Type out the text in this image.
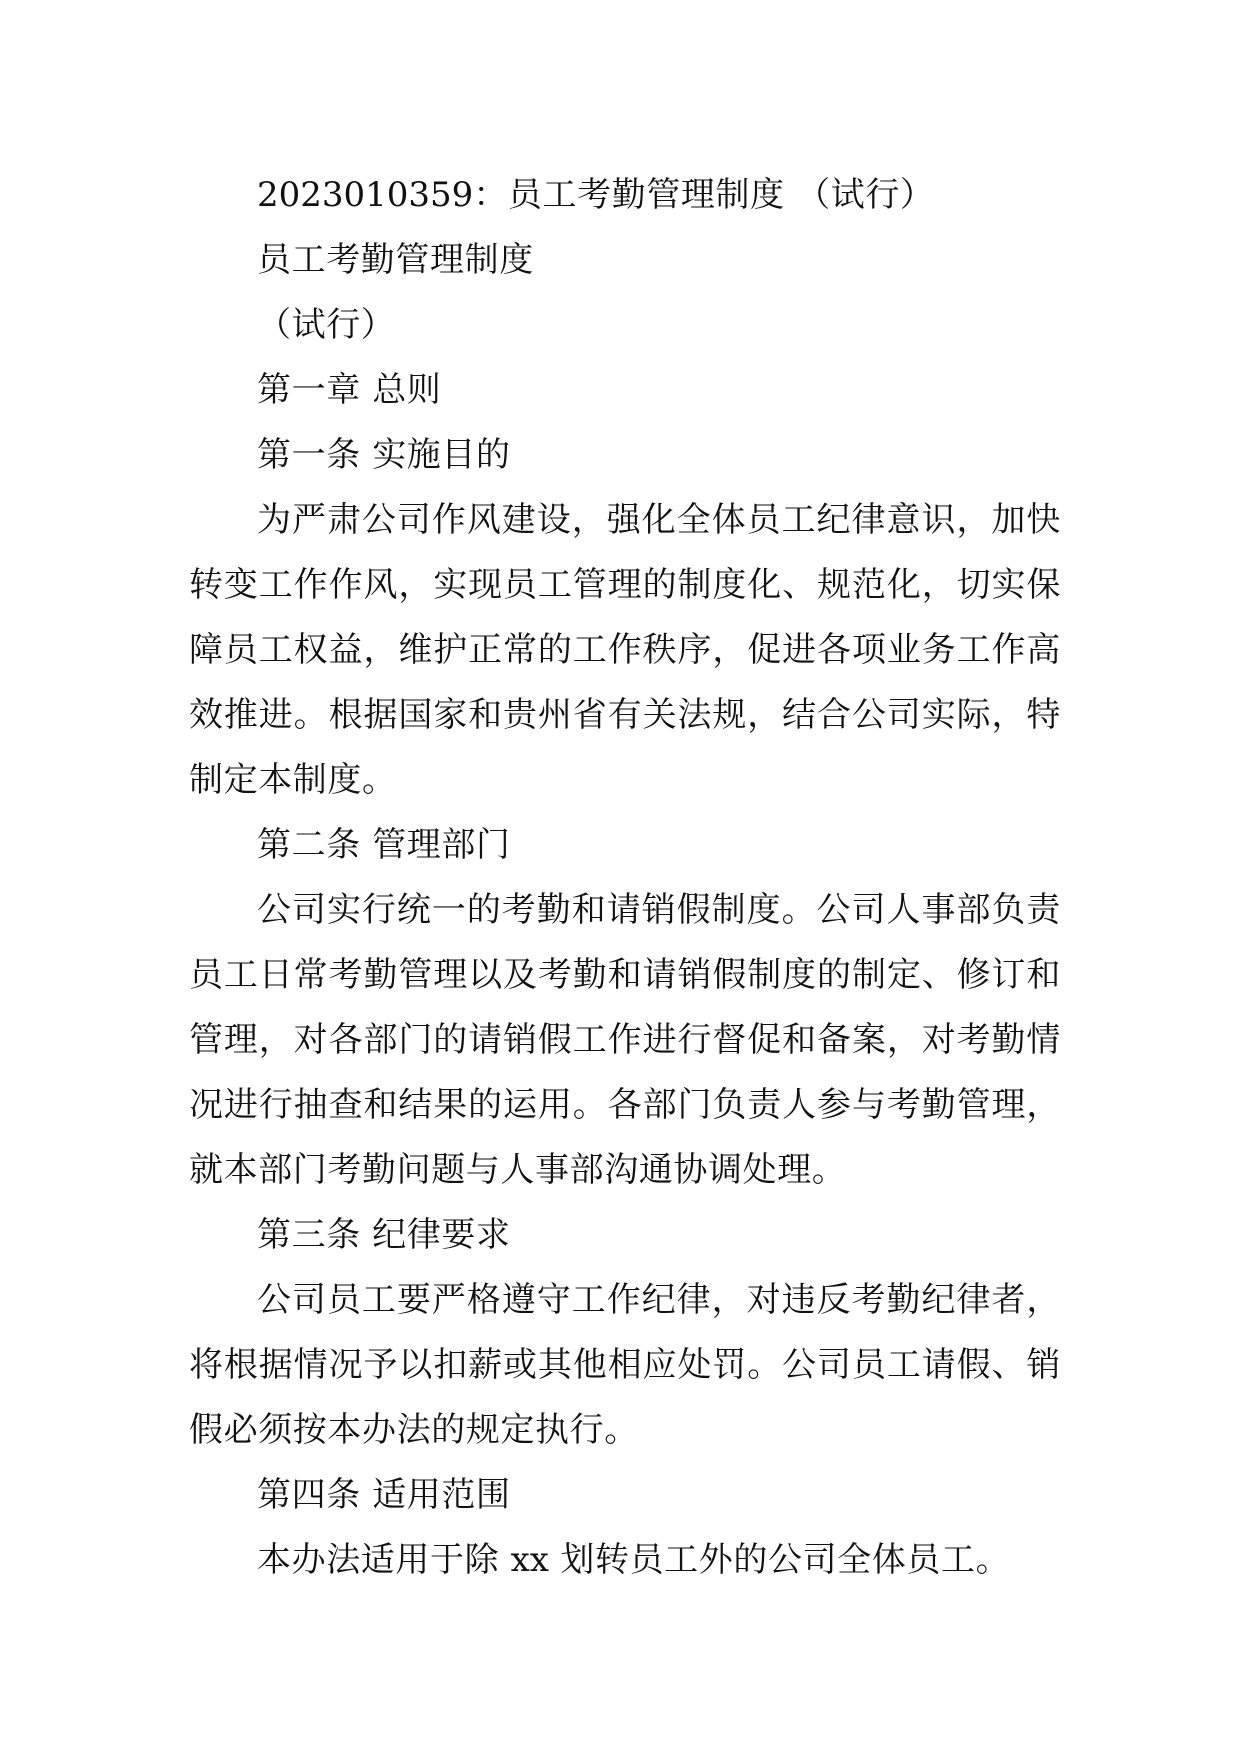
2023010359：员工考勤管理制度 （试行）

员工考勤管理制度

（试行）

第一章 总则

第一条 实施目的

为严肃公司作风建设，强化全体员工纪律意识，加快转变工作作风，实现员工管理的制度化、规范化，切实保障员工权益，维护正常的工作秩序，促进各项业务工作高效推进。根据国家和贵州省有关法规，结合公司实际，特制定本制度。

第二条 管理部门

公司实行统一的考勤和请销假制度。公司人事部负责员工日常考勤管理以及考勤和请销假制度的制定、修订和管理，对各部门的请销假工作进行督促和备案，对考勤情况进行抽查和结果的运用。各部门负责人参与考勤管理，就本部门考勤问题与人事部沟通协调处理。

第三条 纪律要求

公司员工要严格遵守工作纪律，对违反考勤纪律者，将根据情况予以扣薪或其他相应处罚。公司员工请假、销假必须按本办法的规定执行。

第四条 适用范围

本办法适用于除 xx 划转员工外的公司全体员工。
